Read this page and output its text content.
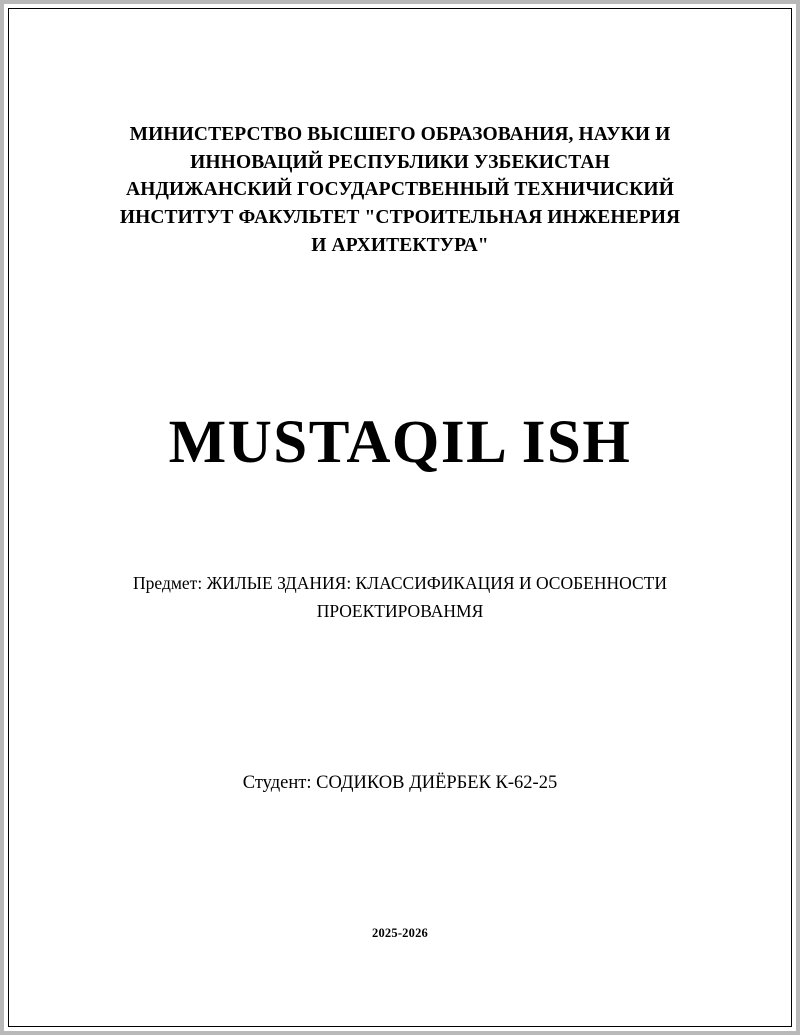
МИНИСТЕРСТВО ВЫСШЕГО ОБРАЗОВАНИЯ, НАУКИ И
ИННОВАЦИЙ РЕСПУБЛИКИ УЗБЕКИСТАН
АНДИЖАНСКИЙ ГОСУДАРСТВЕННЫЙ ТЕХНИЧИСКИЙ
ИНСТИТУТ ФАКУЛЬТЕТ "СТРОИТЕЛЬНАЯ ИНЖЕНЕРИЯ
И АРХИТЕКТУРА"
MUSTAQIL ISH
Предмет: ЖИЛЫЕ ЗДАНИЯ: КЛАССИФИКАЦИЯ И ОСОБЕННОСТИ
ПРОЕКТИРОВАНМЯ
Студент: СОДИКОВ ДИЁРБЕК К-62-25
2025-2026
